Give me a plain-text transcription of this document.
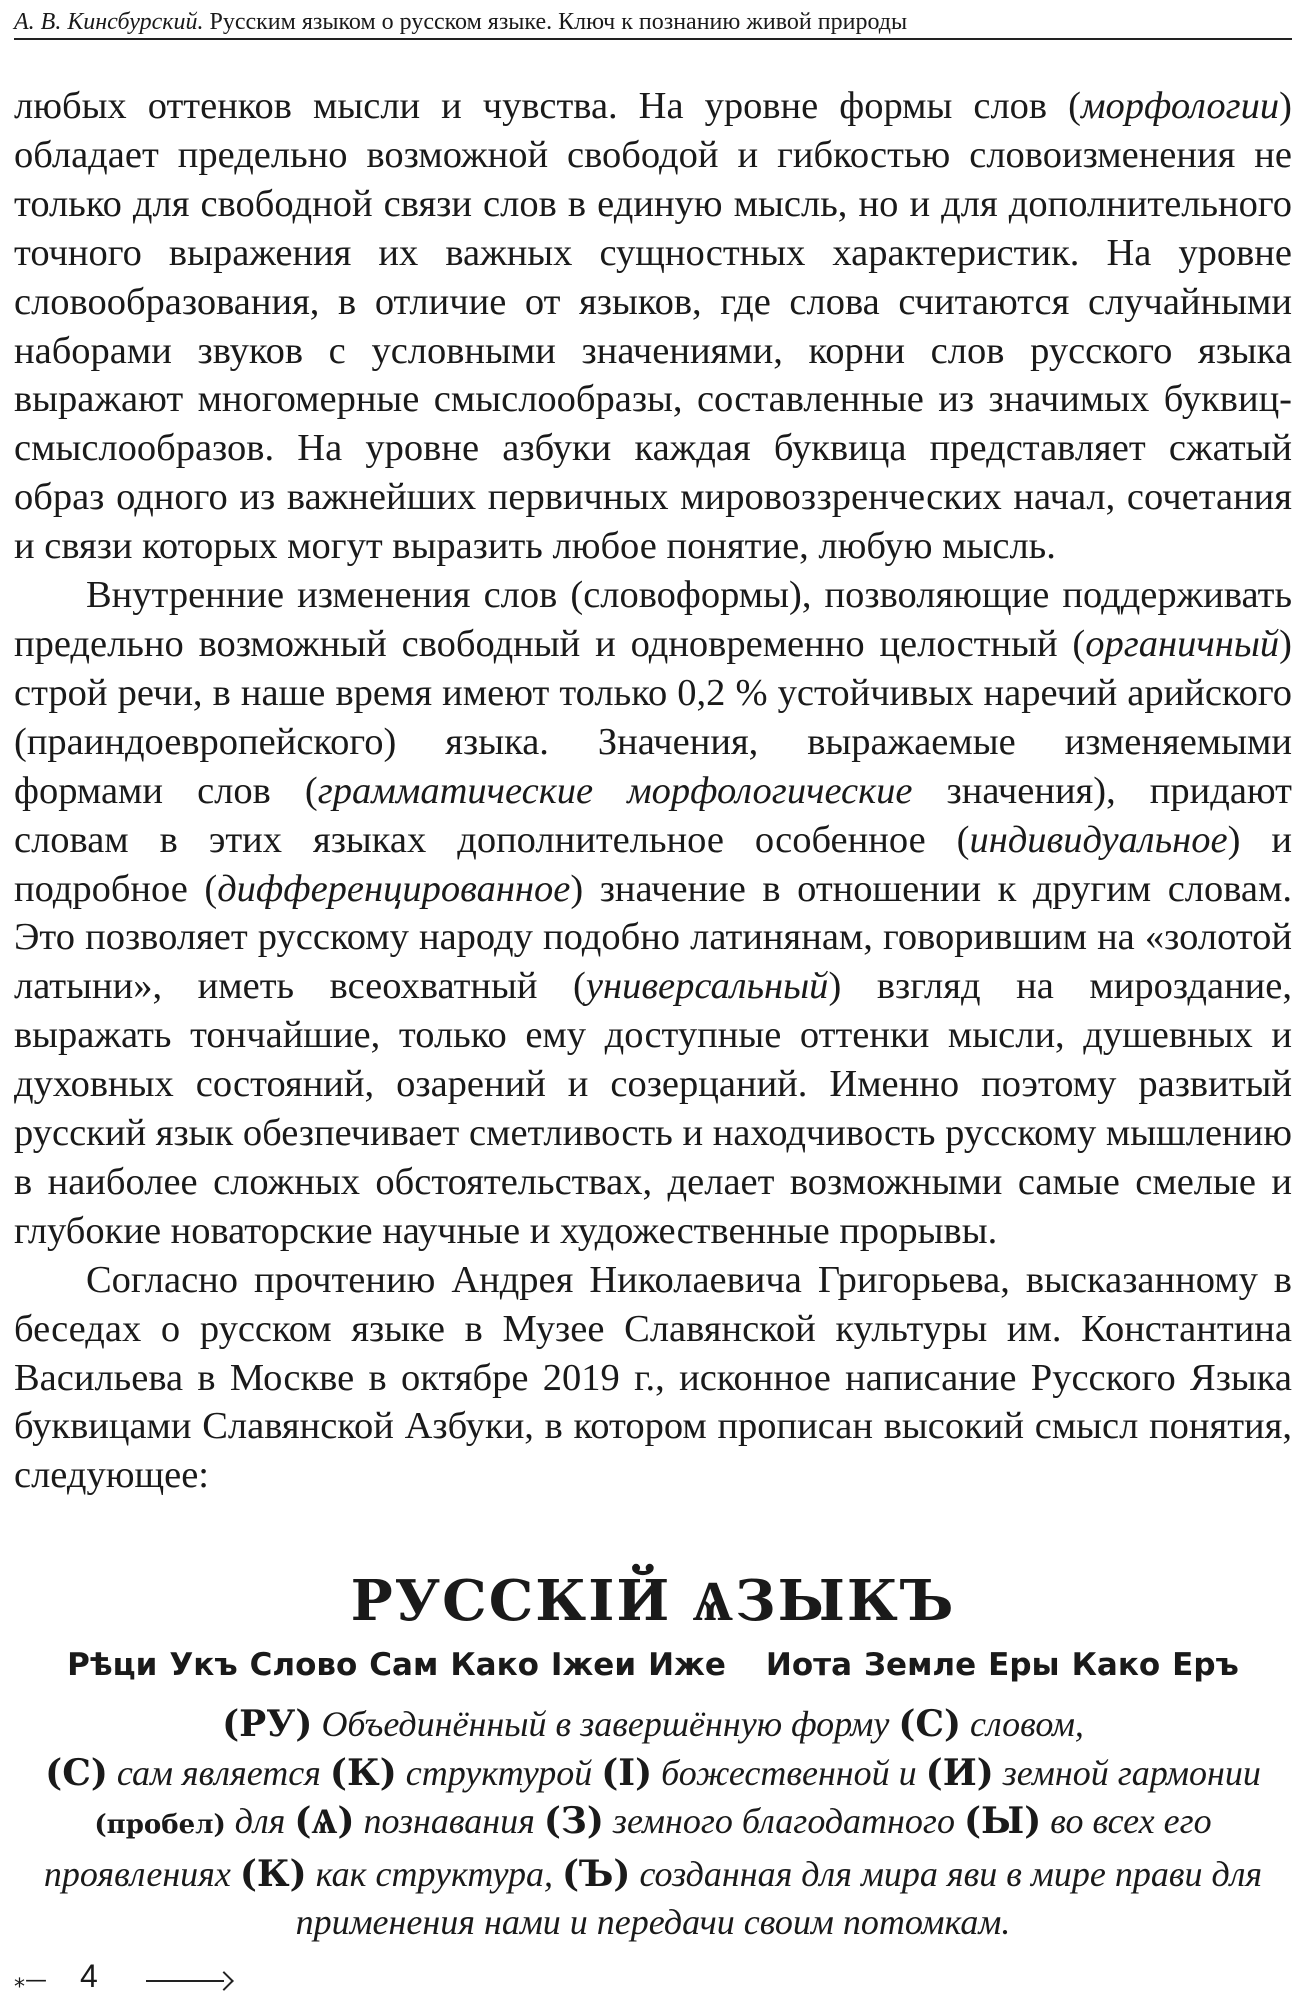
А. В. Кинсбурский. Русским языком о русском языке. Ключ к познанию живой природы

любых оттенков мысли и чувства. На уровне формы слов (морфологии) обладает предельно возможной свободой и гибкостью словоизменения не только для свободной связи слов в единую мысль, но и для дополнительного точного выражения их важных сущностных характеристик. На уровне словообразования, в отличие от языков, где слова считаются случайными наборами звуков с условными значениями, корни слов русского языка выражают многомерные смыслообразы, составленные из значимых буквиц-смыслообразов. На уровне азбуки каждая буквица представляет сжатый образ одного из важнейших первичных мировоззренческих начал, сочетания и связи которых могут выразить любое понятие, любую мысль.

Внутренние изменения слов (словоформы), позволяющие поддерживать предельно возможный свободный и одновременно целостный (органичный) строй речи, в наше время имеют только 0,2 % устойчивых наречий арийского (праиндоевропейского) языка. Значения, выражаемые изменяемыми формами слов (грамматические морфологические значения), придают словам в этих языках дополнительное особенное (индивидуальное) и подробное (дифференцированное) значение в отношении к другим словам. Это позволяет русскому народу подобно латинянам, говорившим на «золотой латыни», иметь всеохватный (универсальный) взгляд на мироздание, выражать тончайшие, только ему доступные оттенки мысли, душевных и духовных состояний, озарений и созерцаний. Именно поэтому развитый русский язык обезпечивает сметливость и находчивость русскому мышлению в наиболее сложных обстоятельствах, делает возможными самые смелые и глубокие новаторские научные и художественные прорывы.

Согласно прочтению Андрея Николаевича Григорьева, высказанному в беседах о русском языке в Музее Славянской культуры им. Константина Васильева в Москве в октябре 2019 г., исконное написание Русского Языка буквицами Славянской Азбуки, в котором прописан высокий смысл понятия, следующее:

РУССКIЙ ѦЗЫКЪ
Рѣци Укъ Слово Сам Како Iжеи Иже Иота Земле Еры Како Еръ
(РУ) Объединённый в завершённую форму (С) словом,
(С) сам является (К) структурой (I) божественной и (И) земной гармонии (пробел) для (Ѧ) познавания (З) земного благодатного (Ы) во всех его проявлениях (К) как структура, (Ъ) созданная для мира яви в мире прави для применения нами и передачи своим потомкам.
⁎— 4
